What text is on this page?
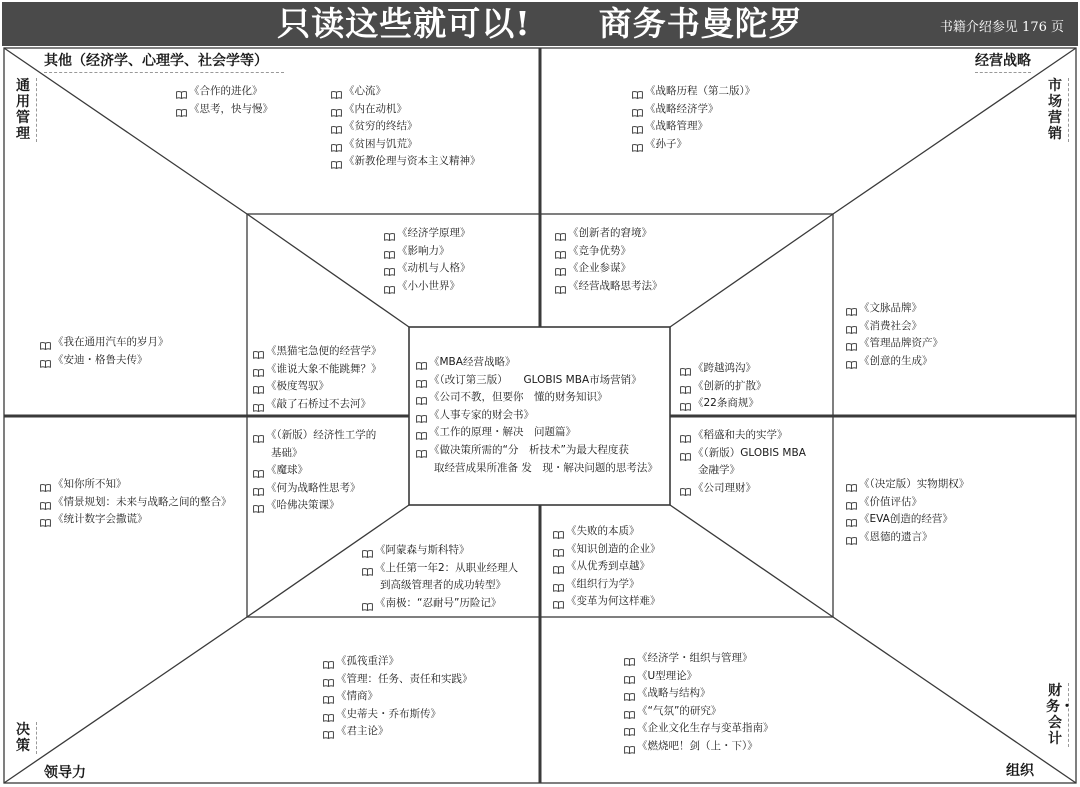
只读这些就可以!　　商务书曼陀罗	书籍介绍参见 176 页
其他（经济学、心理学、社会学等）	经营战略
通用管理
市场营销
决策
领导力	组织
财务・会计
《合作的进化》
《思考，快与慢》
《心流》
《内在动机》
《贫穷的终结》
《贫困与饥荒》
《新教伦理与资本主义精神》
《战略历程（第二版）》
《战略经济学》
《战略管理》
《孙子》
《经济学原理》
《影响力》
《动机与人格》
《小小世界》
《创新者的窘境》
《竞争优势》
《企业参谋》
《经营战略思考法》
《我在通用汽车的岁月》
《安迪・格鲁夫传》
《黑猫宅急便的经营学》
《谁说大象不能跳舞？》
《极度驾驭》
《敲了石桥过不去河》
《文脉品牌》
《消费社会》
《管理品牌资产》
《创意的生成》
《跨越鸿沟》
《创新的扩散》
《22条商规》
《MBA经营战略》
《（改订第三版）　　GLOBIS MBA市场营销》
《公司不教，但要你　懂的财务知识》
《人事专家的财会书》
《工作的原理・解决　问题篇》
《做决策所需的“分　析技术”为最大程度获
取经营成果所准备 发　现・解决问题的思考法》
《知你所不知》
《情景规划：未来与战略之间的整合》
《统计数字会撒谎》
《（新版）经济性工学的
基础》
《魔球》
《何为战略性思考》
《哈佛决策课》
《（决定版）实物期权》
《价值评估》
《EVA创造的经营》
《恩德的遗言》
《稻盛和夫的实学》
《（新版）GLOBIS MBA
金融学》
《公司理财》
《阿蒙森与斯科特》
《上任第一年2：从职业经理人
到高级管理者的成功转型》
《南极：“忍耐号”历险记》
《失败的本质》
《知识创造的企业》
《从优秀到卓越》
《组织行为学》
《变革为何这样难》
《孤筏重洋》
《管理：任务、责任和实践》
《情商》
《史蒂夫・乔布斯传》
《君主论》
《经济学・组织与管理》
《U型理论》
《战略与结构》
《“气氛”的研究》
《企业文化生存与变革指南》
《燃烧吧！剑（上・下）》
